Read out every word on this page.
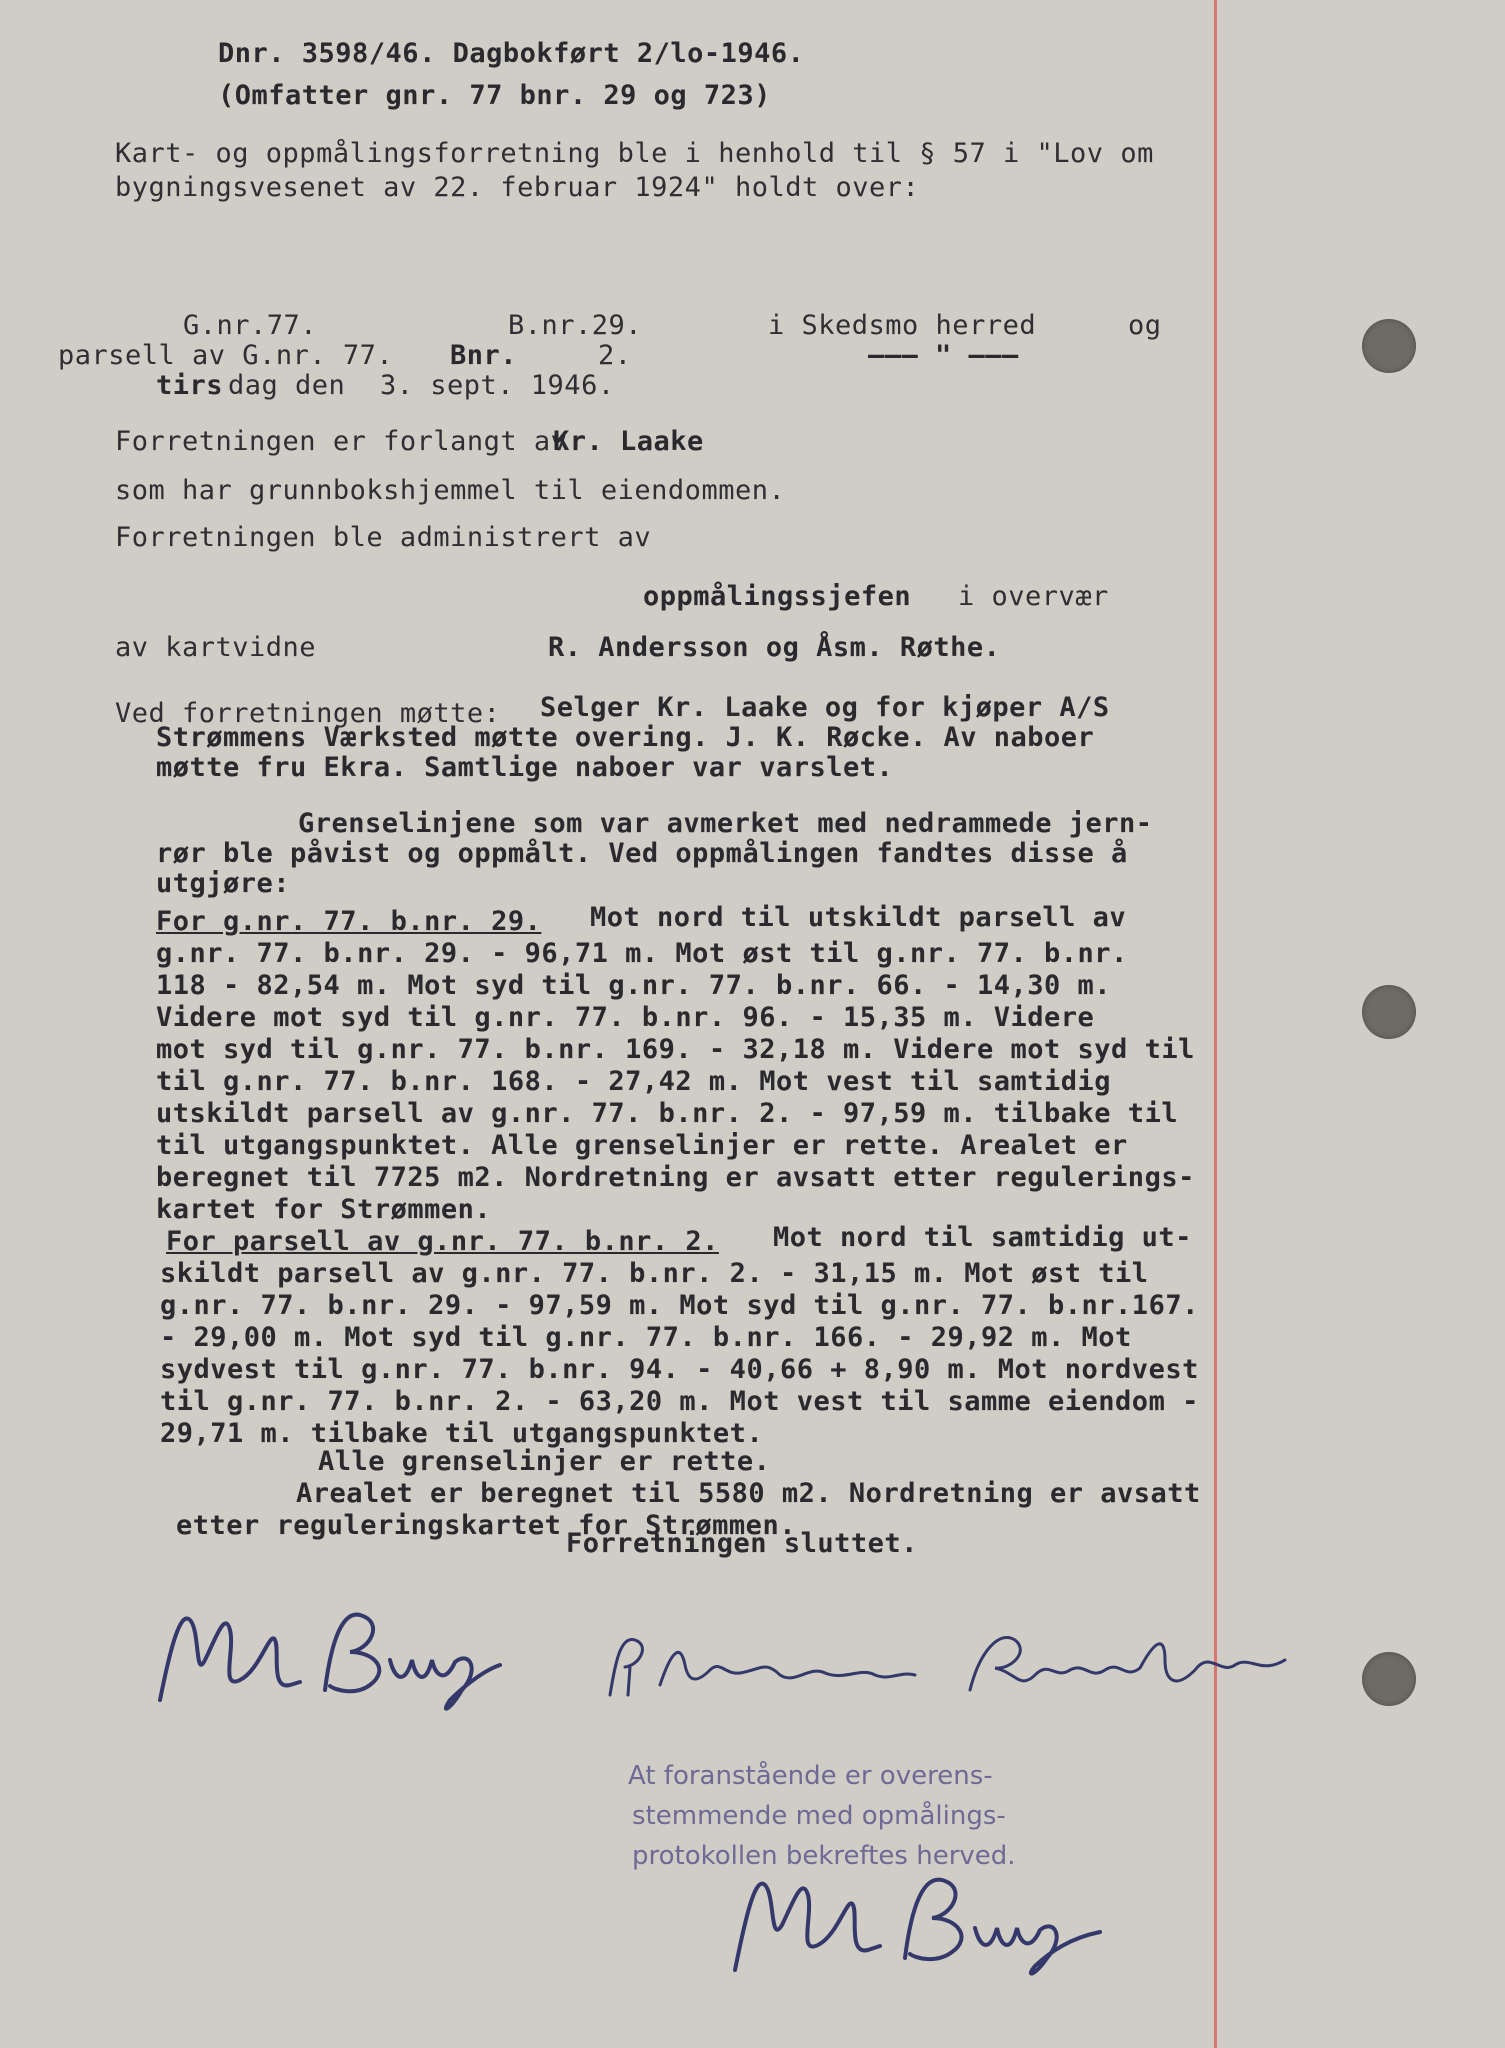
Dnr. 3598/46. Dagbokført 2/lo-1946.
(Omfatter gnr. 77 bnr. 29 og 723)
Kart- og oppmålingsforretning ble i henhold til § 57 i "Lov om
bygningsvesenet av 22. februar 1924" holdt over:
G.nr.77.	B.nr.29.	i Skedsmo herred	og
parsell av G.nr. 77. Bnr.	2.	——— " ———
tirs dag den 3. sept. 1946.
Forretningen er forlangt av
Kr. Laake
som har grunnbokshjemmel til eiendommen.
Forretningen ble administrert av
oppmålingssjefen i overvær
av kartvidne	R. Andersson og Åsm. Røthe.
Ved forretningen møtte: Selger Kr. Laake og for kjøper A/S
Strømmens Værksted møtte overing. J. K. Røcke. Av naboer
møtte fru Ekra. Samtlige naboer var varslet.
Grenselinjene som var avmerket med nedrammede jern-
rør ble påvist og oppmålt. Ved oppmålingen fandtes disse å
utgjøre:
For g.nr. 77. b.nr. 29. Mot nord til utskildt parsell av
g.nr. 77. b.nr. 29. - 96,71 m. Mot øst til g.nr. 77. b.nr.
118 - 82,54 m. Mot syd til g.nr. 77. b.nr. 66. - 14,30 m.
Videre mot syd til g.nr. 77. b.nr. 96. - 15,35 m. Videre
mot syd til g.nr. 77. b.nr. 169. - 32,18 m. Videre mot syd til
til g.nr. 77. b.nr. 168. - 27,42 m. Mot vest til samtidig
utskildt parsell av g.nr. 77. b.nr. 2. - 97,59 m. tilbake til
til utgangspunktet. Alle grenselinjer er rette. Arealet er
beregnet til 7725 m2. Nordretning er avsatt etter regulerings-
kartet for Strømmen.
For parsell av g.nr. 77. b.nr. 2. Mot nord til samtidig ut-
skildt parsell av g.nr. 77. b.nr. 2. - 31,15 m. Mot øst til
g.nr. 77. b.nr. 29. - 97,59 m. Mot syd til g.nr. 77. b.nr.167.
- 29,00 m. Mot syd til g.nr. 77. b.nr. 166. - 29,92 m. Mot
sydvest til g.nr. 77. b.nr. 94. - 40,66 + 8,90 m. Mot nordvest
til g.nr. 77. b.nr. 2. - 63,20 m. Mot vest til samme eiendom -
29,71 m. tilbake til utgangspunktet.
Alle grenselinjer er rette.
Arealet er beregnet til 5580 m2. Nordretning er avsatt
etter reguleringskartet for Strømmen.
Forretningen sluttet.
At foranstående er overens-
stemmende med opmålings-
protokollen bekreftes herved.
